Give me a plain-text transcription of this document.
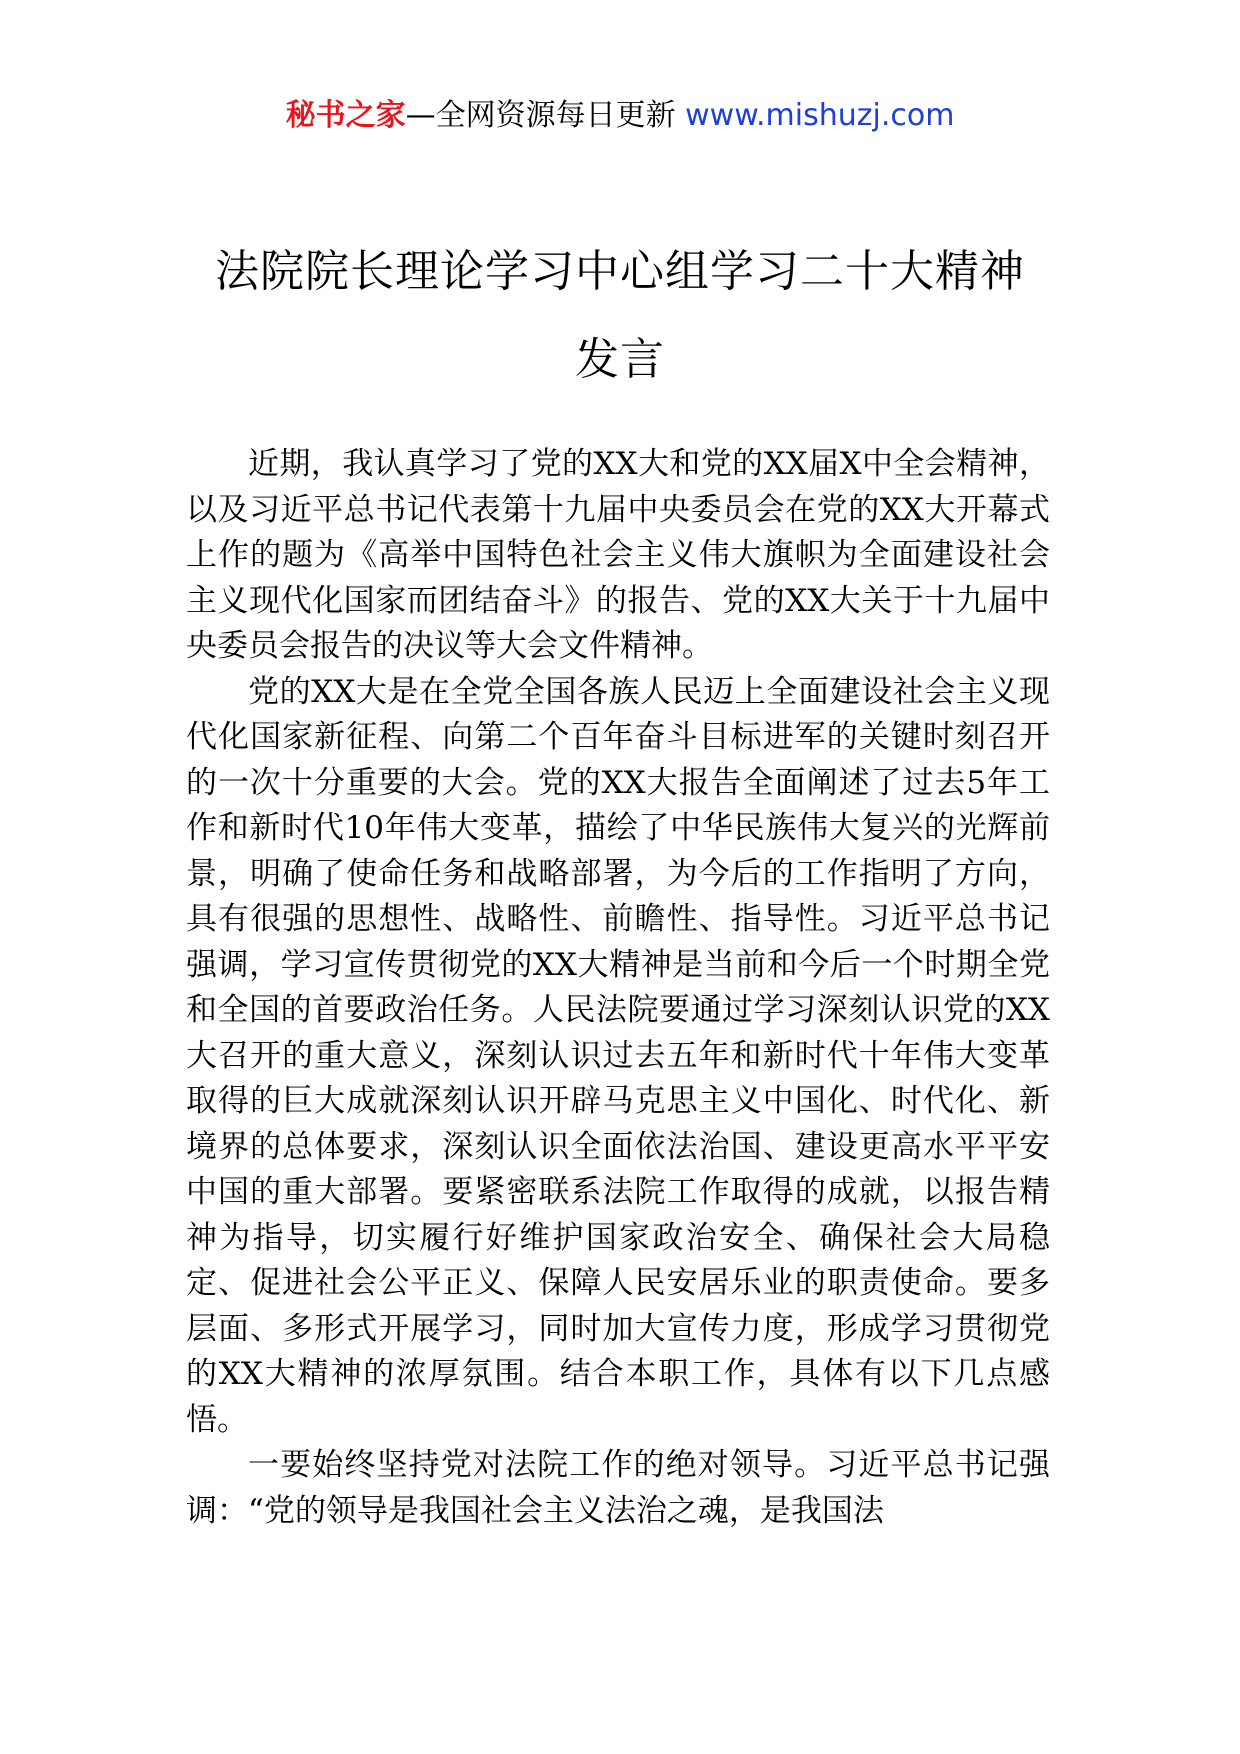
秘书之家—全网资源每日更新 www.mishuzj.com
法院院长理论学习中心组学习二十大精神
发言

近期，我认真学习了党的XX大和党的XX届X中全会精神，以及习近平总书记代表第十九届中央委员会在党的XX大开幕式上作的题为《高举中国特色社会主义伟大旗帜为全面建设社会主义现代化国家而团结奋斗》的报告、党的XX大关于十九届中央委员会报告的决议等大会文件精神。

党的XX大是在全党全国各族人民迈上全面建设社会主义现代化国家新征程、向第二个百年奋斗目标进军的关键时刻召开的一次十分重要的大会。党的XX大报告全面阐述了过去5年工作和新时代10年伟大变革，描绘了中华民族伟大复兴的光辉前景，明确了使命任务和战略部署，为今后的工作指明了方向，具有很强的思想性、战略性、前瞻性、指导性。习近平总书记强调，学习宣传贯彻党的XX大精神是当前和今后一个时期全党和全国的首要政治任务。人民法院要通过学习深刻认识党的XX大召开的重大意义，深刻认识过去五年和新时代十年伟大变革取得的巨大成就深刻认识开辟马克思主义中国化、时代化、新境界的总体要求，深刻认识全面依法治国、建设更高水平平安中国的重大部署。要紧密联系法院工作取得的成就，以报告精神为指导，切实履行好维护国家政治安全、确保社会大局稳定、促进社会公平正义、保障人民安居乐业的职责使命。要多层面、多形式开展学习，同时加大宣传力度，形成学习贯彻党的XX大精神的浓厚氛围。结合本职工作，具体有以下几点感悟。

一要始终坚持党对法院工作的绝对领导。习近平总书记强调：“党的领导是我国社会主义法治之魂，是我国法
